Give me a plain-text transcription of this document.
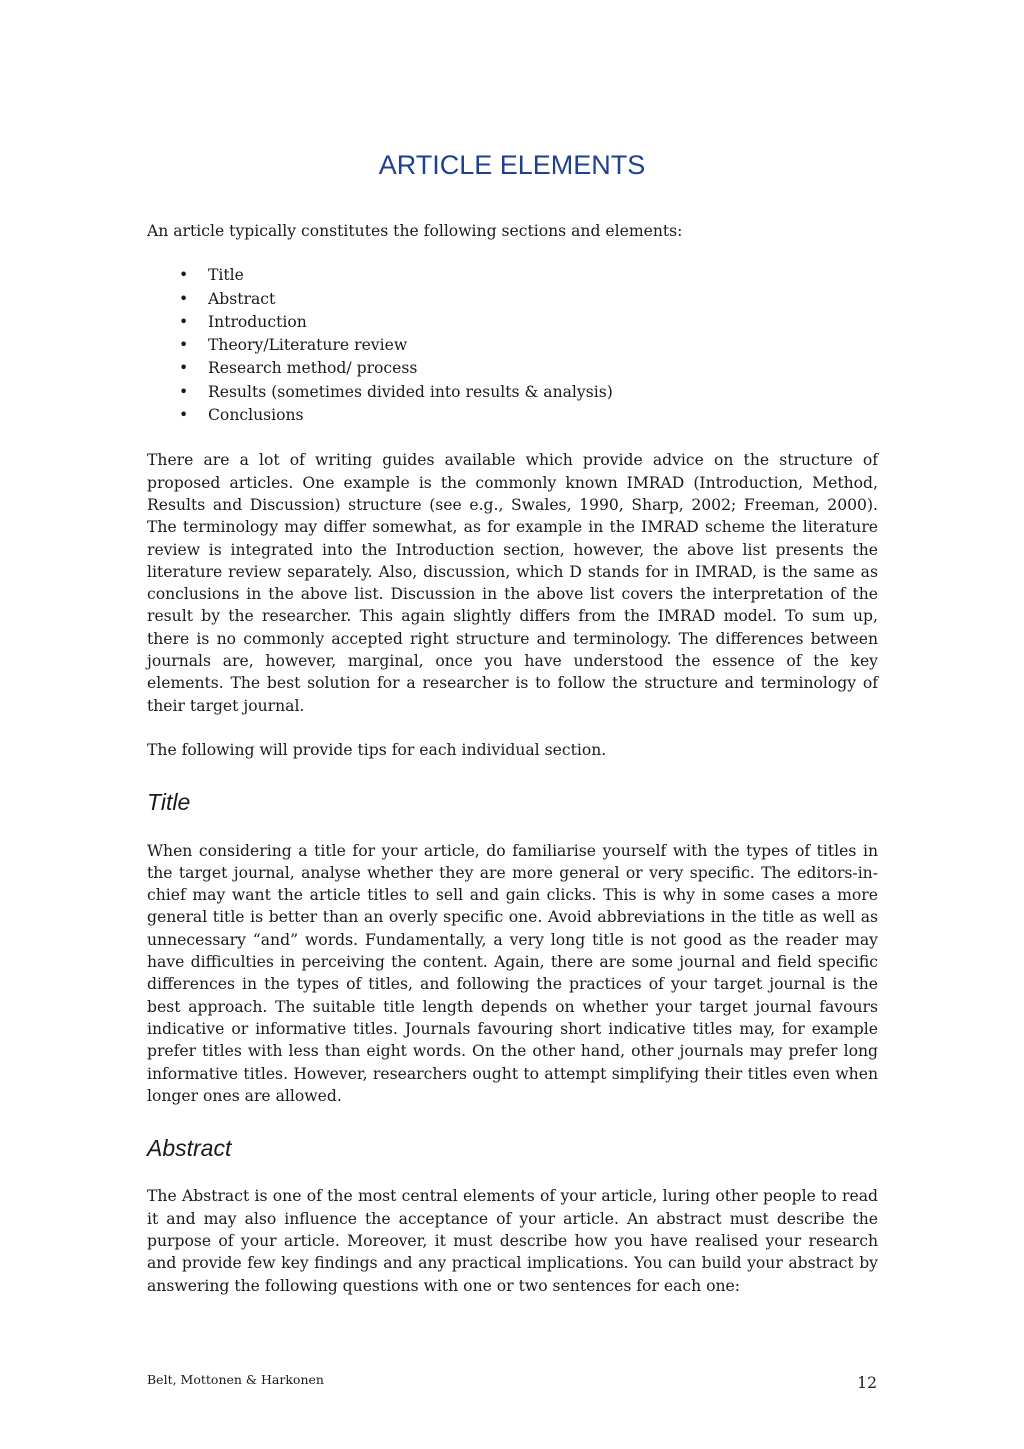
ARTICLE ELEMENTS

An article typically constitutes the following sections and elements:

• Title
• Abstract
• Introduction
• Theory/Literature review
• Research method/ process
• Results (sometimes divided into results & analysis)
• Conclusions

There are a lot of writing guides available which provide advice on the structure of proposed articles. One example is the commonly known IMRAD (Introduction, Method, Results and Discussion) structure (see e.g., Swales, 1990, Sharp, 2002; Freeman, 2000). The terminology may differ somewhat, as for example in the IMRAD scheme the literature review is integrated into the Introduction section, however, the above list presents the literature review separately. Also, discussion, which D stands for in IMRAD, is the same as conclusions in the above list. Discussion in the above list covers the interpretation of the result by the researcher. This again slightly differs from the IMRAD model. To sum up, there is no commonly accepted right structure and terminology. The differences between journals are, however, marginal, once you have understood the essence of the key elements. The best solution for a researcher is to follow the structure and terminology of their target journal.

The following will provide tips for each individual section.

Title

When considering a title for your article, do familiarise yourself with the types of titles in the target journal, analyse whether they are more general or very specific. The editors-in-chief may want the article titles to sell and gain clicks. This is why in some cases a more general title is better than an overly specific one. Avoid abbreviations in the title as well as unnecessary “and” words. Fundamentally, a very long title is not good as the reader may have difficulties in perceiving the content. Again, there are some journal and field specific differences in the types of titles, and following the practices of your target journal is the best approach. The suitable title length depends on whether your target journal favours indicative or informative titles. Journals favouring short indicative titles may, for example prefer titles with less than eight words. On the other hand, other journals may prefer long informative titles. However, researchers ought to attempt simplifying their titles even when longer ones are allowed.

Abstract

The Abstract is one of the most central elements of your article, luring other people to read it and may also influence the acceptance of your article. An abstract must describe the purpose of your article. Moreover, it must describe how you have realised your research and provide few key findings and any practical implications. You can build your abstract by answering the following questions with one or two sentences for each one:

Belt, Mottonen & Harkonen	12
